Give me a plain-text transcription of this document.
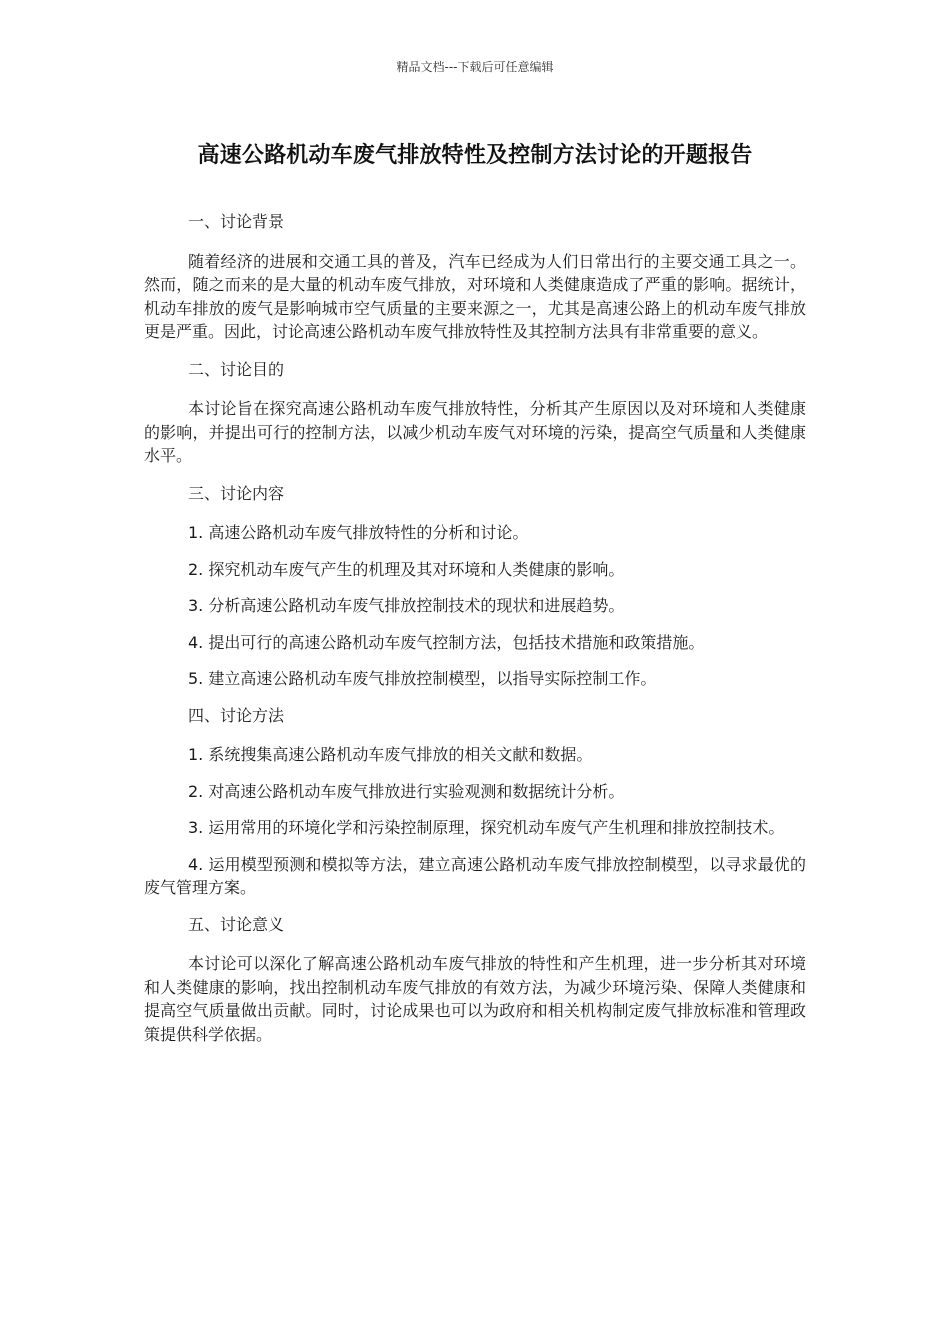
精品文档---下载后可任意编辑
高速公路机动车废气排放特性及控制方法讨论的开题报告

一、讨论背景

随着经济的进展和交通工具的普及，汽车已经成为人们日常出行的主要交通工具之一。然而，随之而来的是大量的机动车废气排放，对环境和人类健康造成了严重的影响。据统计，机动车排放的废气是影响城市空气质量的主要来源之一，尤其是高速公路上的机动车废气排放更是严重。因此，讨论高速公路机动车废气排放特性及其控制方法具有非常重要的意义。

二、讨论目的

本讨论旨在探究高速公路机动车废气排放特性，分析其产生原因以及对环境和人类健康的影响，并提出可行的控制方法，以减少机动车废气对环境的污染，提高空气质量和人类健康水平。

三、讨论内容

1. 高速公路机动车废气排放特性的分析和讨论。

2. 探究机动车废气产生的机理及其对环境和人类健康的影响。

3. 分析高速公路机动车废气排放控制技术的现状和进展趋势。

4. 提出可行的高速公路机动车废气控制方法，包括技术措施和政策措施。

5. 建立高速公路机动车废气排放控制模型，以指导实际控制工作。

四、讨论方法

1. 系统搜集高速公路机动车废气排放的相关文献和数据。

2. 对高速公路机动车废气排放进行实验观测和数据统计分析。

3. 运用常用的环境化学和污染控制原理，探究机动车废气产生机理和排放控制技术。

4. 运用模型预测和模拟等方法，建立高速公路机动车废气排放控制模型，以寻求最优的废气管理方案。

五、讨论意义

本讨论可以深化了解高速公路机动车废气排放的特性和产生机理，进一步分析其对环境和人类健康的影响，找出控制机动车废气排放的有效方法，为减少环境污染、保障人类健康和提高空气质量做出贡献。同时，讨论成果也可以为政府和相关机构制定废气排放标准和管理政策提供科学依据。
